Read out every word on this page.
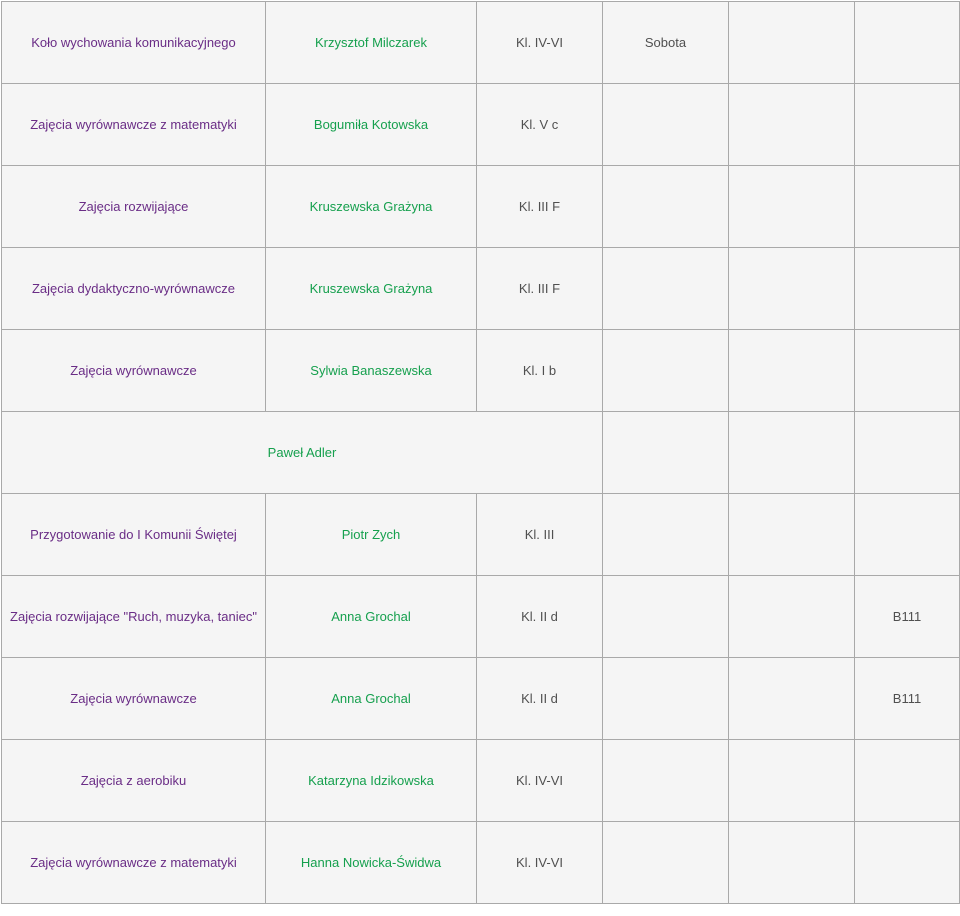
Koło wychowania komunikacyjnego	Krzysztof Milczarek	Kl. IV-VI	Sobota		
Zajęcia wyrównawcze z matematyki	Bogumiła Kotowska	Kl. V c			
Zajęcia rozwijające	Kruszewska Grażyna	Kl. III F			
Zajęcia dydaktyczno-wyrównawcze	Kruszewska Grażyna	Kl. III F			
Zajęcia wyrównawcze	Sylwia Banaszewska	Kl. I b			
Paweł Adler					
Przygotowanie do I Komunii Świętej	Piotr Zych	Kl. III			
Zajęcia rozwijające "Ruch, muzyka, taniec"	Anna Grochal	Kl. II d			B111
Zajęcia wyrównawcze	Anna Grochal	Kl. II d			B111
Zajęcia z aerobiku	Katarzyna Idzikowska	Kl. IV-VI			
Zajęcia wyrównawcze z matematyki	Hanna Nowicka-Świdwa	Kl. IV-VI			
